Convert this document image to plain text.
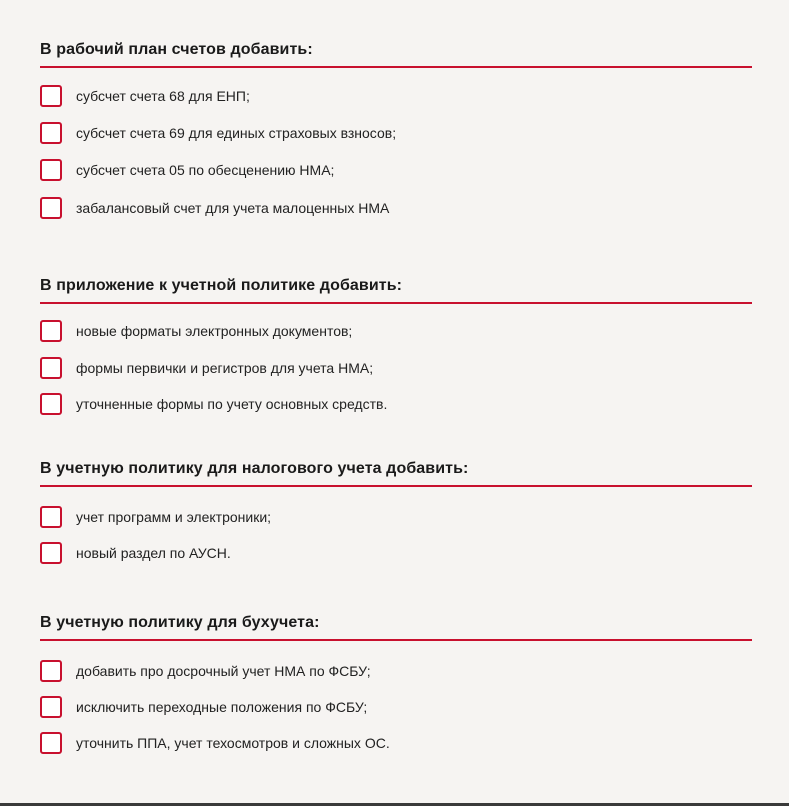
В рабочий план счетов добавить:
субсчет счета 68 для ЕНП;
субсчет счета 69 для единых страховых взносов;
субсчет счета 05 по обесценению НМА;
забалансовый счет для учета малоценных НМА
В приложение к учетной политике добавить:
новые форматы электронных документов;
формы первички и регистров для учета НМА;
уточненные формы по учету основных средств.
В учетную политику для налогового учета добавить:
учет программ и электроники;
новый раздел по АУСН.
В учетную политику для бухучета:
добавить про досрочный учет НМА по ФСБУ;
исключить переходные положения по ФСБУ;
уточнить ППА, учет техосмотров и сложных ОС.
